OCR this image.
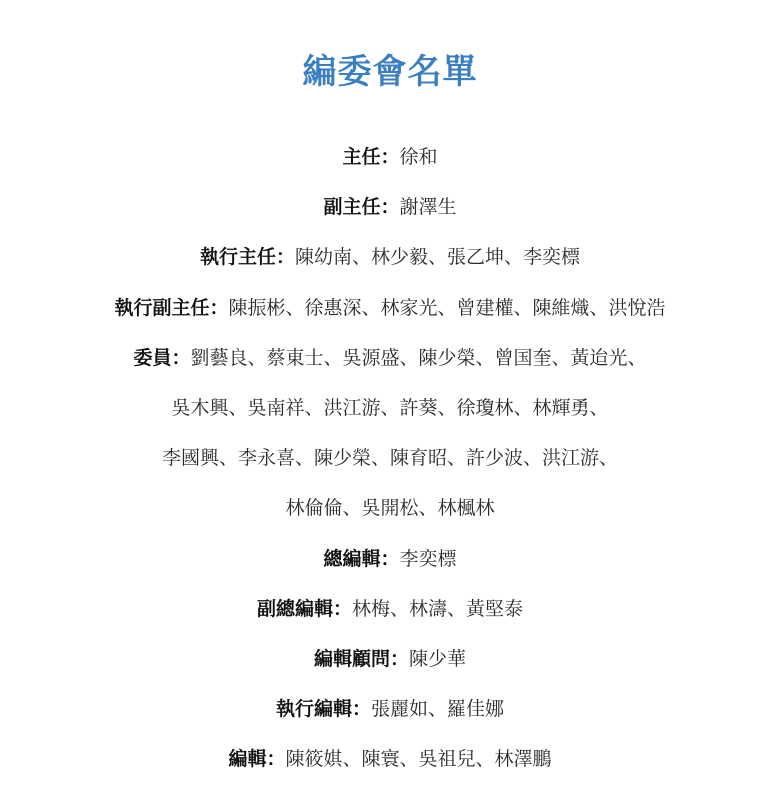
編委會名單
主任：徐和
副主任：謝澤生
執行主任：陳幼南、林少毅、張乙坤、李奕標
執行副主任：陳振彬、徐惠深、林家光、曾建權、陳維熾、洪悅浩
委員：劉藝良、蔡東士、吳源盛、陳少榮、曾国奎、黃迨光、
吳木興、吳南祥、洪江游、許葵、徐瓊林、林輝勇、
李國興、李永喜、陳少榮、陳育昭、許少波、洪江游、
林倫倫、吳開松、林楓林
總編輯：李奕標
副總編輯：林梅、林濤、黃堅泰
編輯顧問：陳少華
執行編輯：張麗如、羅佳娜
編輯：陳筱娸、陳寰、吳祖兒、林澤鵬
